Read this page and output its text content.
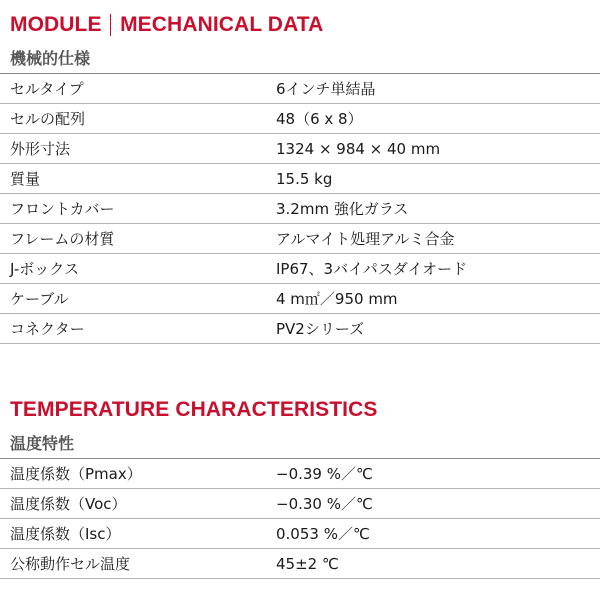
MODULE MECHANICAL DATA
機械的仕様
セルタイプ	6インチ単結晶
セルの配列	48（6 x 8）
外形寸法	1324 × 984 × 40 mm
質量	15.5 kg
フロントカバー	3.2mm 強化ガラス
フレームの材質	アルマイト処理アルミ合金
J-ボックス	IP67、3バイパスダイオード
ケーブル	4 m㎡／950 mm
コネクター	PV2シリーズ
TEMPERATURE CHARACTERISTICS
温度特性
温度係数（Pmax）	−0.39 %／℃
温度係数（Voc）	−0.30 %／℃
温度係数（Isc）	0.053 %／℃
公称動作セル温度	45±2 ℃
